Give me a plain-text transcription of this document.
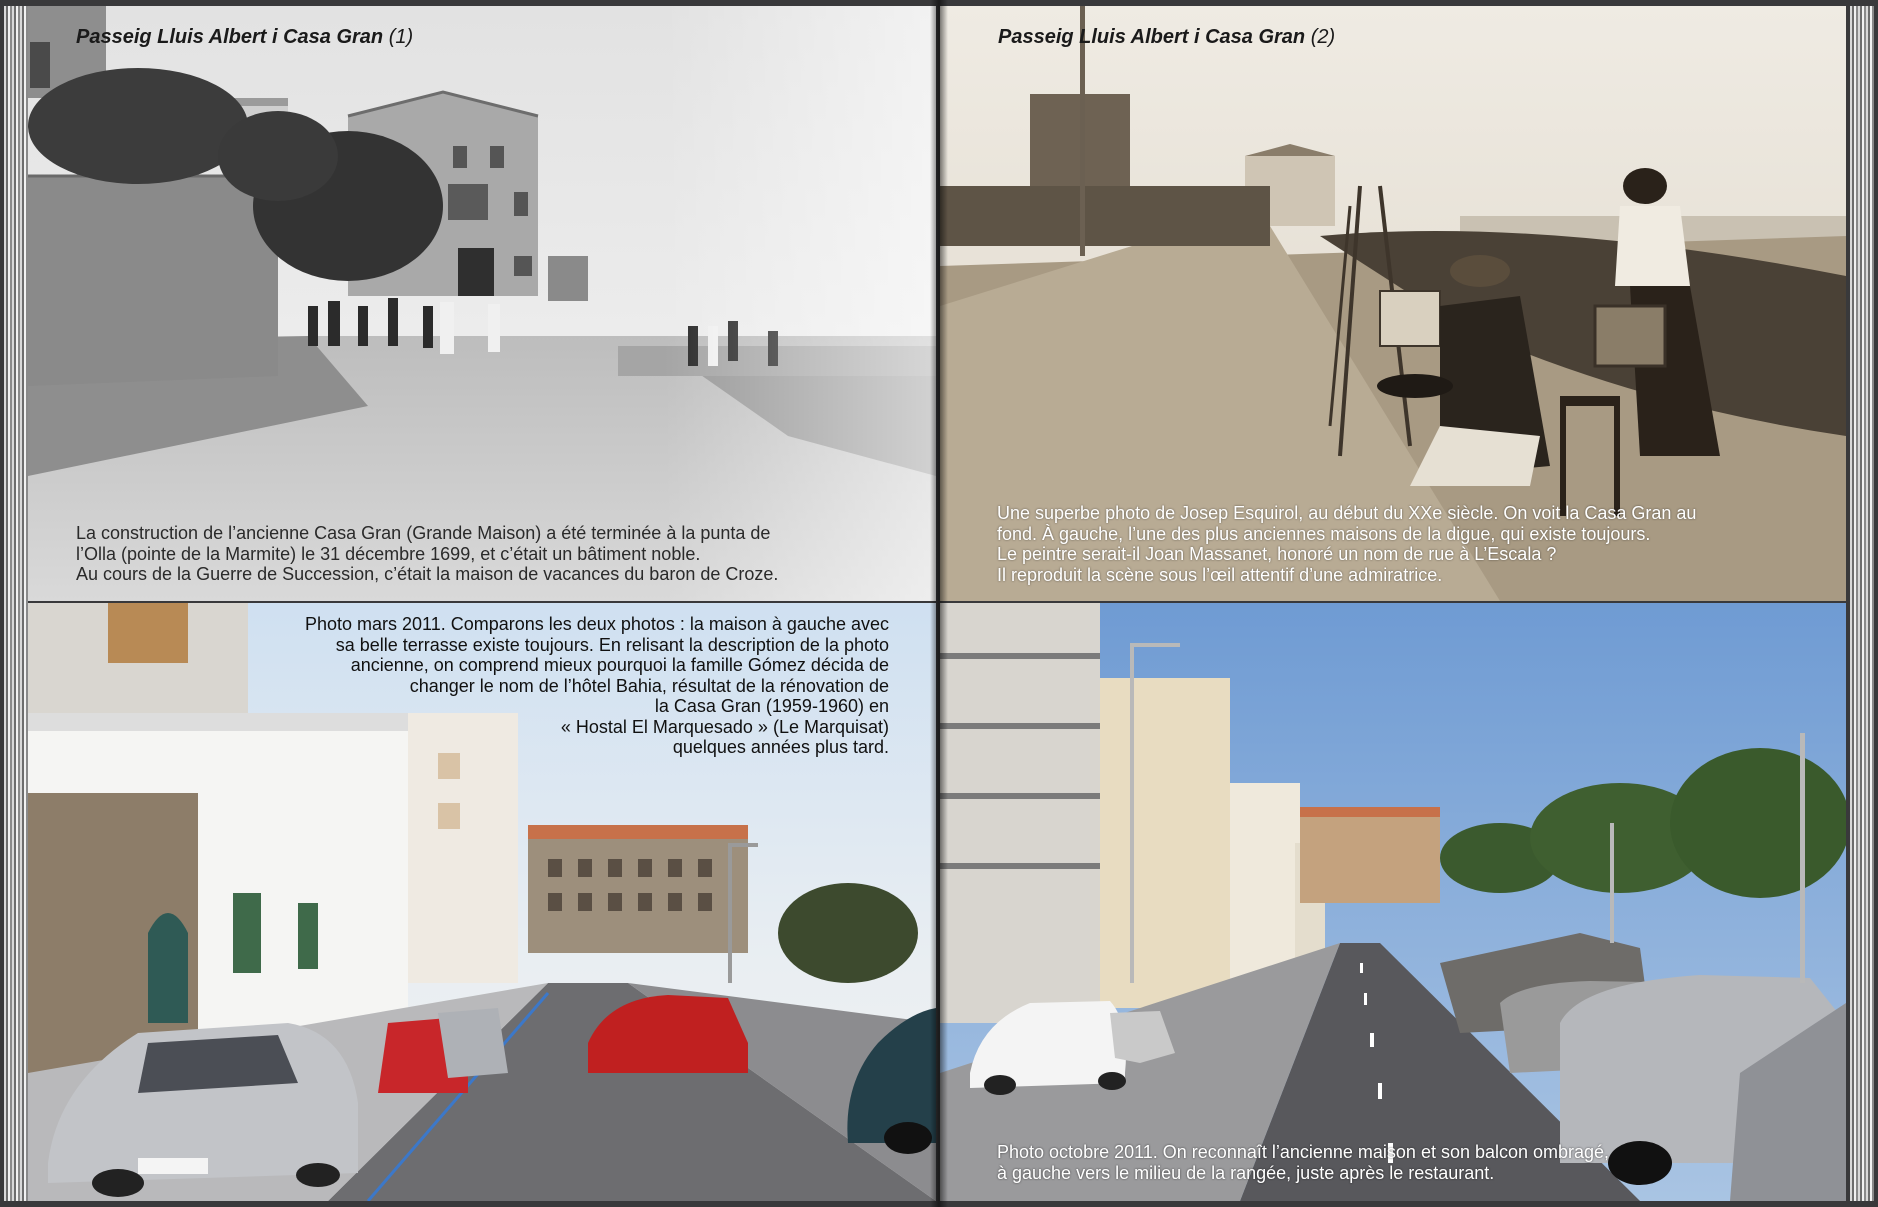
Passeig Lluis Albert i Casa Gran (1)
La construction de l’ancienne Casa Gran (Grande Maison) a été terminée à la punta de
l’Olla (pointe de la Marmite) le 31 décembre 1699, et c’était un bâtiment noble.
Au cours de la Guerre de Succession, c’était la maison de vacances du baron de Croze.
Photo mars 2011. Comparons les deux photos : la maison à gauche avec
sa belle terrasse existe toujours. En relisant la description de la photo
ancienne, on comprend mieux pourquoi la famille Gómez décida de
changer le nom de l’hôtel Bahia, résultat de la rénovation de
la Casa Gran (1959-1960) en
« Hostal El Marquesado » (Le Marquisat)
quelques années plus tard.
Passeig Lluis Albert i Casa Gran (2)
Une superbe photo de Josep Esquirol, au début du XXe siècle. On voit la Casa Gran au
fond. À gauche, l’une des plus anciennes maisons de la digue, qui existe toujours.
Le peintre serait-il Joan Massanet, honoré un nom de rue à L’Escala ?
Il reproduit la scène sous l’œil attentif d’une admiratrice.
Photo octobre 2011. On reconnaît l’ancienne maison et son balcon ombragé,
à gauche vers le milieu de la rangée, juste après le restaurant.
